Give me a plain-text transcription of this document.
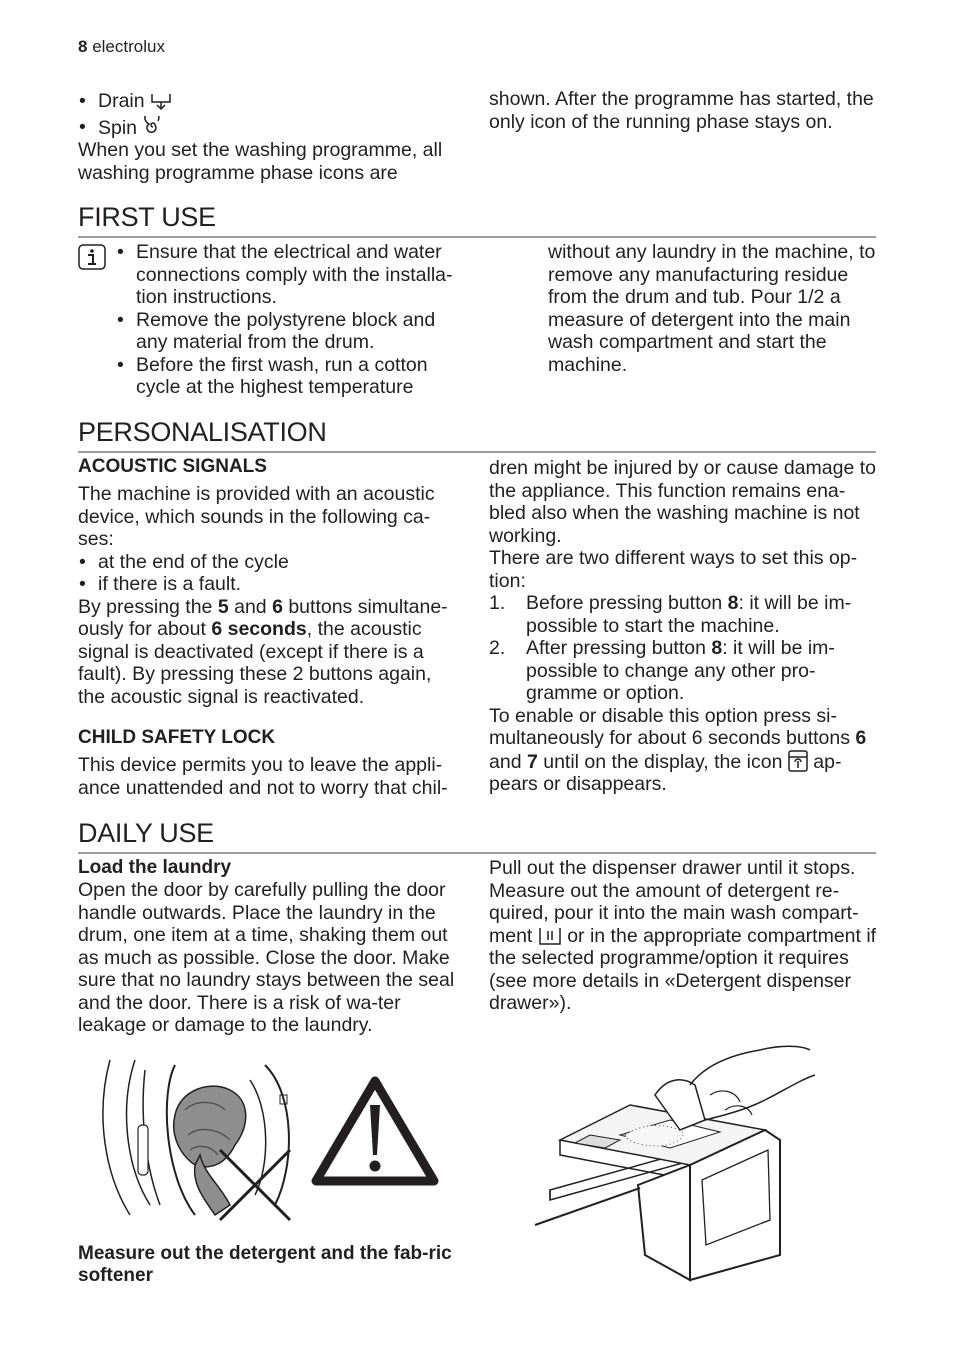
8 electrolux

• Drain

• Spin

When you set the washing programme, all washing programme phase icons are

shown. After the programme has started, the only icon of the running phase stays on.

FIRST USE

• Ensure that the electrical and water connections comply with the installa-tion instructions.

• Remove the polystyrene block and any material from the drum.

• Before the first wash, run a cotton cycle at the highest temperature

without any laundry in the machine, to remove any manufacturing residue from the drum and tub. Pour 1/2 a measure of detergent into the main wash compartment and start the machine.

PERSONALISATION
ACOUSTIC SIGNALS

The machine is provided with an acoustic device, which sounds in the following ca-ses:

• at the end of the cycle

• if there is a fault.

By pressing the 5 and 6 buttons simultane-ously for about 6 seconds, the acoustic signal is deactivated (except if there is a fault). By pressing these 2 buttons again, the acoustic signal is reactivated.

CHILD SAFETY LOCK

This device permits you to leave the appli-ance unattended and not to worry that chil-

dren might be injured by or cause damage to the appliance. This function remains ena-bled also when the washing machine is not working.

There are two different ways to set this op-tion:

1. Before pressing button 8: it will be im-possible to start the machine.

2. After pressing button 8: it will be im-possible to change any other pro-gramme or option.

To enable or disable this option press si-multaneously for about 6 seconds buttons 6 and 7 until on the display, the icon
ap-pears or disappears.

DAILY USE
Load the laundry

Open the door by carefully pulling the door handle outwards. Place the laundry in the drum, one item at a time, shaking them out as much as possible. Close the door. Make sure that no laundry stays between the seal and the door. There is a risk of wa-ter leakage or damage to the laundry.

Pull out the dispenser drawer until it stops. Measure out the amount of detergent re-quired, pour it into the main wash compart-ment
or in the appropriate compartment if the selected programme/option it requires (see more details in «Detergent dispenser drawer»).

Measure out the detergent and the fab-ric softener
